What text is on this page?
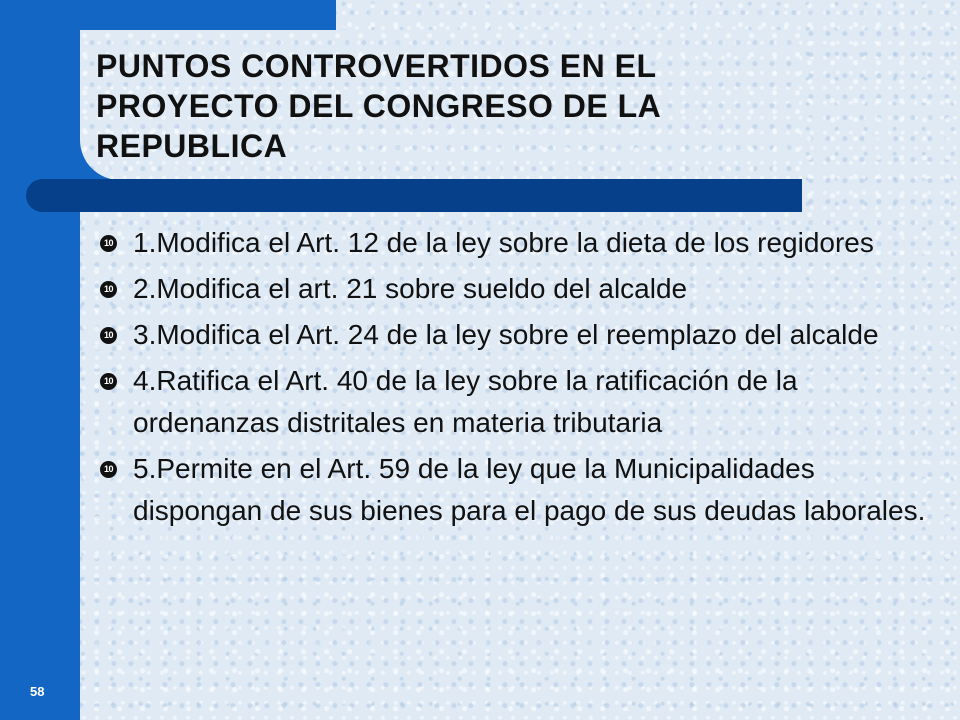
PUNTOS CONTROVERTIDOS EN EL PROYECTO DEL CONGRESO DE LA REPUBLICA
10 1.Modifica el Art. 12 de la ley sobre la dieta de los regidores
10 2.Modifica el art. 21 sobre sueldo del alcalde
10 3.Modifica el Art. 24 de la ley sobre el reemplazo del alcalde
10 4.Ratifica el Art. 40 de la ley sobre la ratificación de la ordenanzas distritales en materia tributaria
10 5.Permite en el Art. 59 de la ley que la Municipalidades dispongan de sus bienes para el pago de sus deudas laborales.
58
